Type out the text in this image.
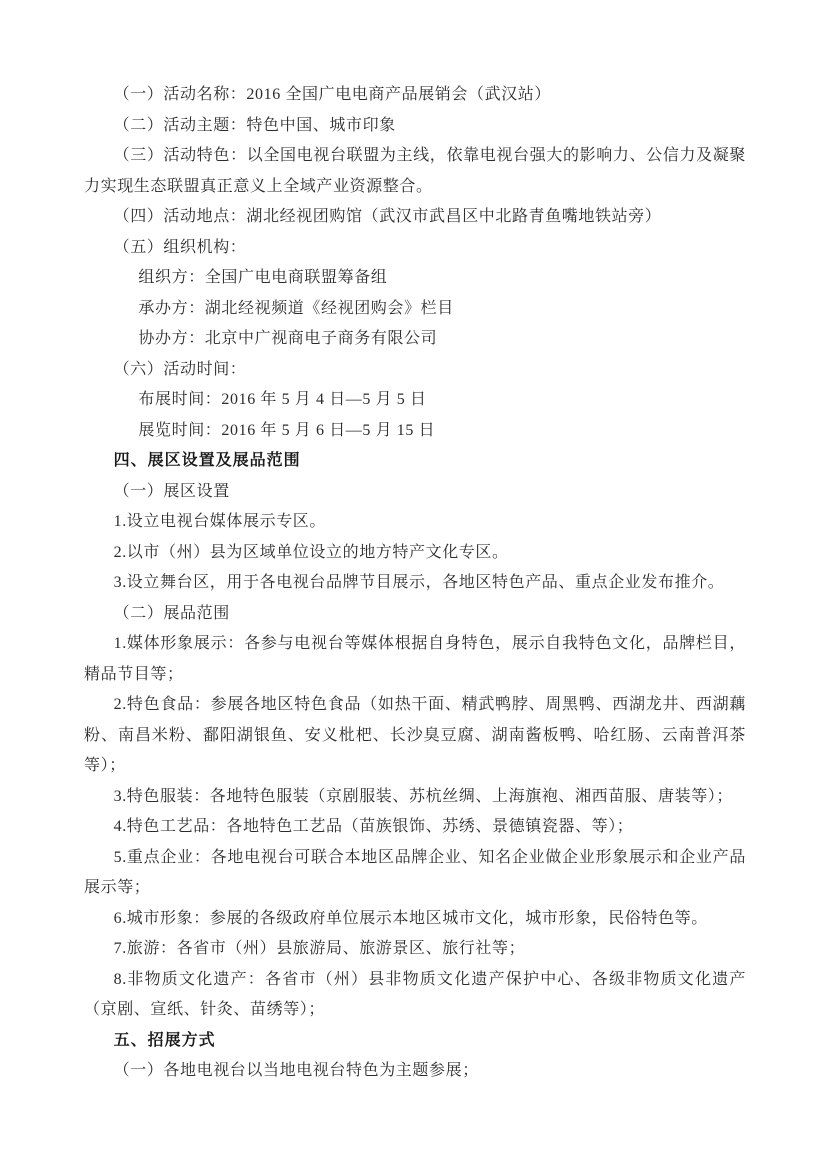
（一）活动名称：2016 全国广电电商产品展销会（武汉站）

（二）活动主题：特色中国、城市印象

（三）活动特色：以全国电视台联盟为主线，依靠电视台强大的影响力、公信力及凝聚力实现生态联盟真正意义上全域产业资源整合。

（四）活动地点：湖北经视团购馆（武汉市武昌区中北路青鱼嘴地铁站旁）

（五）组织机构：

组织方：全国广电电商联盟筹备组

承办方：湖北经视频道《经视团购会》栏目

协办方：北京中广视商电子商务有限公司

（六）活动时间：

布展时间：2016 年 5 月 4 日—5 月 5 日

展览时间：2016 年 5 月 6 日—5 月 15 日

四、展区设置及展品范围

（一）展区设置

1.设立电视台媒体展示专区。

2.以市（州）县为区域单位设立的地方特产文化专区。

3.设立舞台区，用于各电视台品牌节目展示，各地区特色产品、重点企业发布推介。

（二）展品范围

1.媒体形象展示：各参与电视台等媒体根据自身特色，展示自我特色文化，品牌栏目，精品节目等；

2.特色食品：参展各地区特色食品（如热干面、精武鸭脖、周黑鸭、西湖龙井、西湖藕粉、南昌米粉、鄱阳湖银鱼、安义枇杷、长沙臭豆腐、湖南酱板鸭、哈红肠、云南普洱茶等）；

3.特色服装：各地特色服装（京剧服装、苏杭丝绸、上海旗袍、湘西苗服、唐装等）；

4.特色工艺品：各地特色工艺品（苗族银饰、苏绣、景德镇瓷器、等）；

5.重点企业：各地电视台可联合本地区品牌企业、知名企业做企业形象展示和企业产品展示等；

6.城市形象：参展的各级政府单位展示本地区城市文化，城市形象，民俗特色等。

7.旅游：各省市（州）县旅游局、旅游景区、旅行社等；

8.非物质文化遗产：各省市（州）县非物质文化遗产保护中心、各级非物质文化遗产（京剧、宣纸、针灸、苗绣等）；

五、招展方式

（一）各地电视台以当地电视台特色为主题参展；
